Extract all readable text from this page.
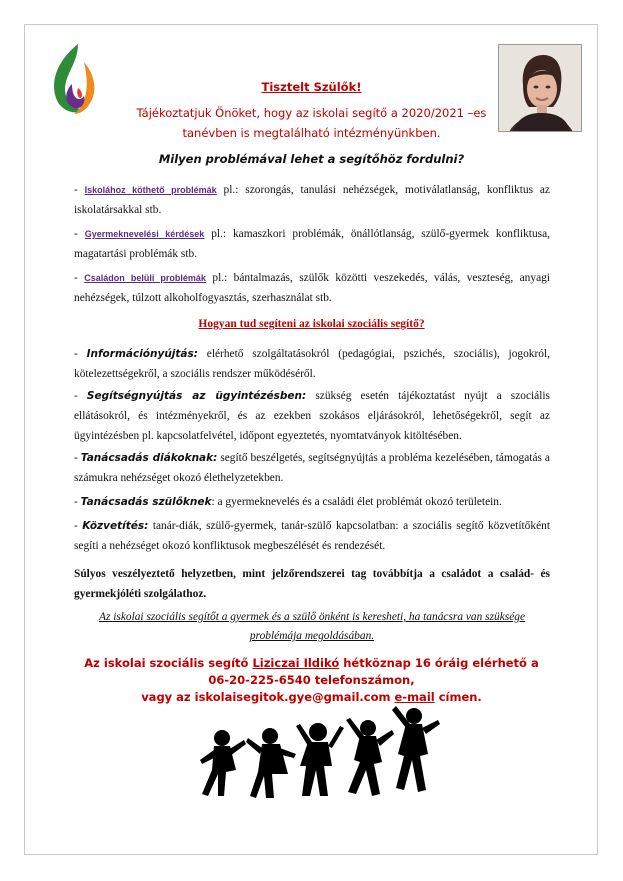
Tisztelt Szülők!
Tájékoztatjuk Önöket, hogy az iskolai segítő a 2020/2021 –es
tanévben is megtalálható intézményünkben.
Milyen problémával lehet a segítőhöz fordulni?

- Iskolához köthető problémák pl.: szorongás, tanulási nehézségek, motiválatlanság, konfliktus az iskolatársakkal stb.

- Gyermeknevelési kérdések pl.: kamaszkori problémák, önállótlanság, szülő-gyermek konfliktusa, magatartási problémák stb.

- Családon belüli problémák pl.: bántalmazás, szülők közötti veszekedés, válás, veszteség, anyagi nehézségek, túlzott alkoholfogyasztás, szerhasználat stb.

Hogyan tud segíteni az iskolai szociális segítő?

- Információnyújtás: elérhető szolgáltatásokról (pedagógiai, pszichés, szociális), jogokról, kötelezettségekről, a szociális rendszer működéséről.

- Segítségnyújtás az ügyintézésben: szükség esetén tájékoztatást nyújt a szociális ellátásokról, és intézményekről, és az ezekben szokásos eljárásokról, lehetőségekről, segít az ügyintézésben pl. kapcsolatfelvétel, időpont egyeztetés, nyomtatványok kitöltésében.

- Tanácsadás diákoknak: segítő beszélgetés, segítségnyújtás a probléma kezelésében, támogatás a számukra nehézséget okozó élethelyzetekben.

- Tanácsadás szülőknek: a gyermeknevelés és a családi élet problémát okozó területein.

- Közvetítés: tanár-diák, szülő-gyermek, tanár-szülő kapcsolatban: a szociális segítő közvetítőként segíti a nehézséget okozó konfliktusok megbeszélését és rendezését.

Súlyos veszélyeztető helyzetben, mint jelzőrendszerei tag továbbítja a családot a család- és gyermekjóléti szolgálathoz.

Az iskolai szociális segítőt a gyermek és a szülő önként is keresheti, ha tanácsra van szüksége problémája megoldásában.

Az iskolai szociális segítő Liziczai Ildikó hétköznap 16 óráig elérhető a
06-20-225-6540 telefonszámon,
vagy az iskolaisegitok.gye@gmail.com e-mail címen.
